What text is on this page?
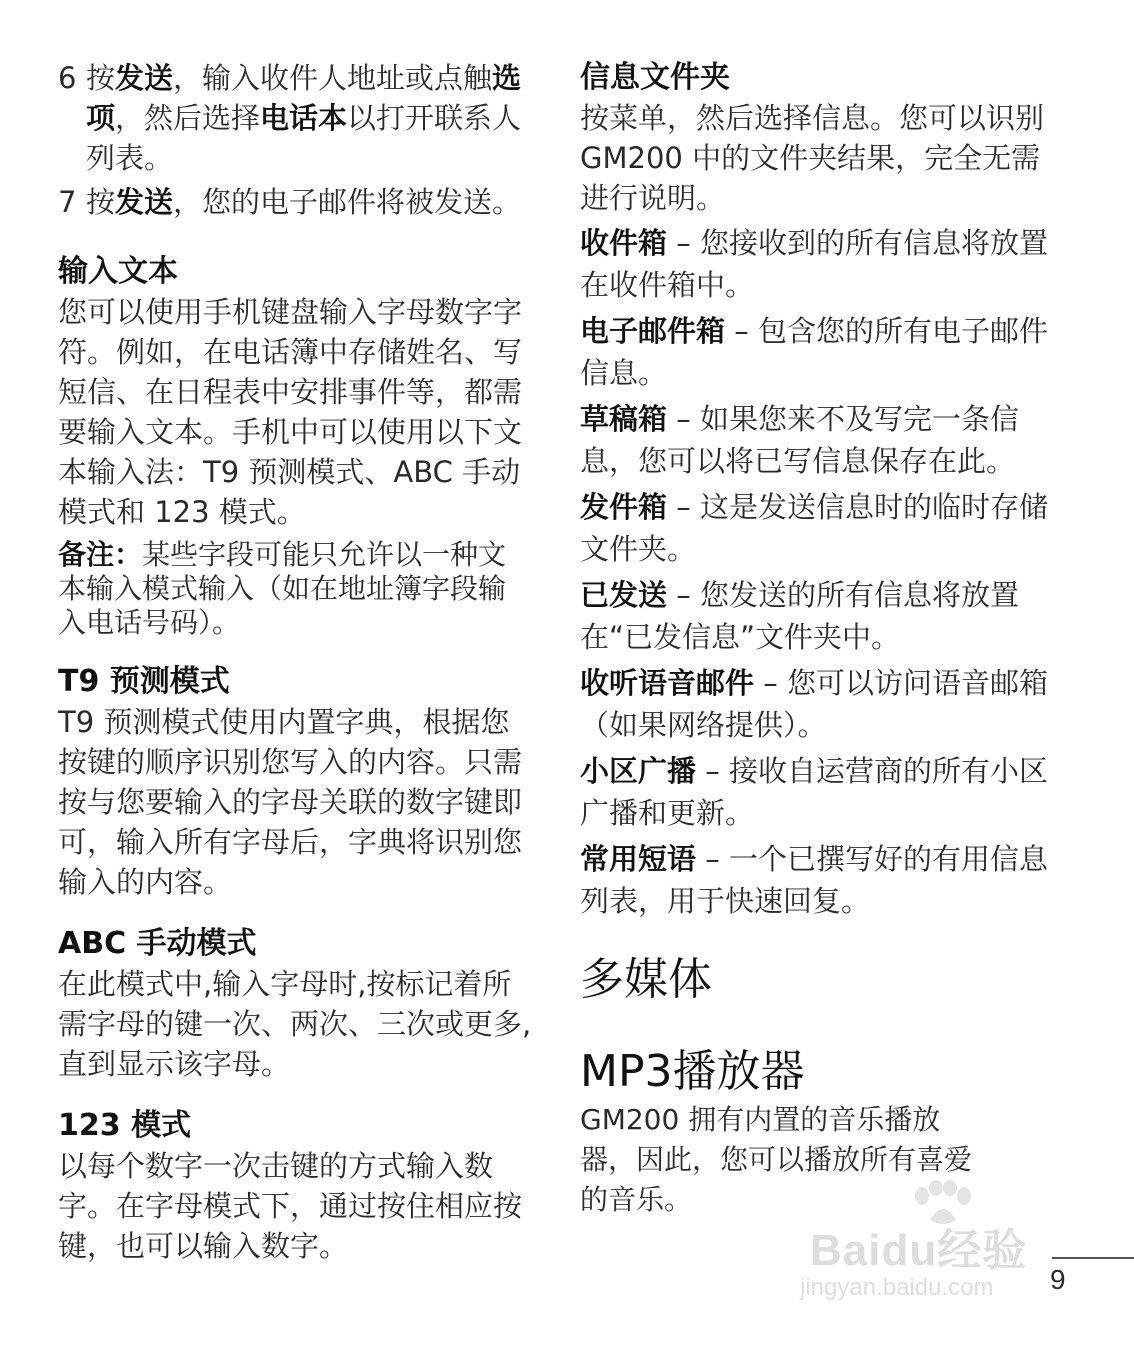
6 按发送，输入收件人地址或点触选项，然后选择电话本以打开联系人列表。
7 按发送，您的电子邮件将被发送。
输入文本

您可以使用手机键盘输入字母数字字符。例如，在电话簿中存储姓名、写短信、在日程表中安排事件等，都需要输入文本。手机中可以使用以下文本输入法：T9 预测模式、ABC 手动模式和 123 模式。

备注：某些字段可能只允许以一种文本输入模式输入（如在地址簿字段输入电话号码）。

T9 预测模式

T9 预测模式使用内置字典，根据您按键的顺序识别您写入的内容。只需按与您要输入的字母关联的数字键即可，输入所有字母后，字典将识别您输入的内容。

ABC 手动模式

在此模式中,输入字母时,按标记着所需字母的键一次、两次、三次或更多,直到显示该字母。

123 模式

以每个数字一次击键的方式输入数字。在字母模式下，通过按住相应按键，也可以输入数字。

信息文件夹

按菜单，然后选择信息。您可以识别 GM200 中的文件夹结果，完全无需进行说明。

收件箱 – 您接收到的所有信息将放置在收件箱中。

电子邮件箱 – 包含您的所有电子邮件信息。

草稿箱 – 如果您来不及写完一条信息，您可以将已写信息保存在此。

发件箱 – 这是发送信息时的临时存储文件夹。

已发送 – 您发送的所有信息将放置在“已发信息”文件夹中。

收听语音邮件 – 您可以访问语音邮箱（如果网络提供）。

小区广播 – 接收自运营商的所有小区广播和更新。

常用短语 – 一个已撰写好的有用信息列表，用于快速回复。

多媒体
MP3播放器

GM200 拥有内置的音乐播放器，因此，您可以播放所有喜爱的音乐。

Baidu经验
jingyan.baidu.com 9
